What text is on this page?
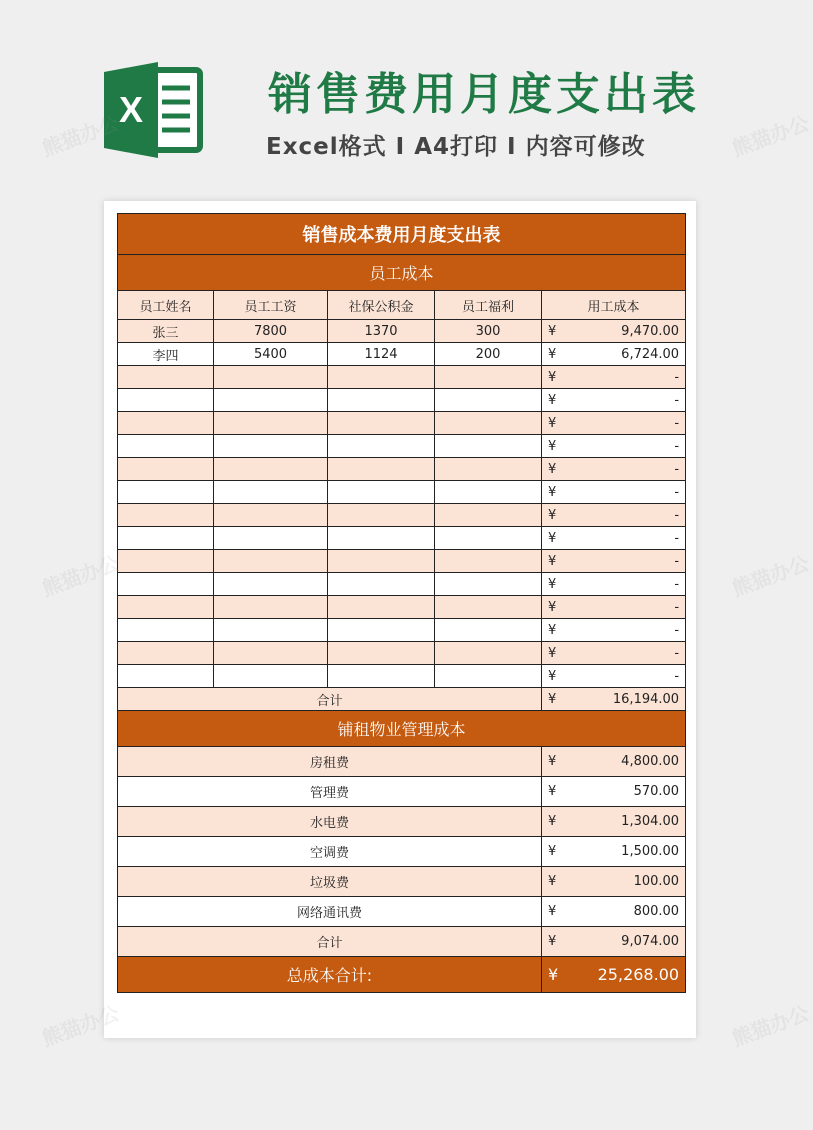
X	销售费用月度支出表
Excel格式 I A4打印 I 内容可修改
销售成本费用月度支出表				
员工成本				
员工姓名	员工工资	社保公积金	员工福利	用工成本
张三	7800	1370	300	¥ 9,470.00

李四	5400	1124	200	¥ 6,724.00

				¥ -

				¥ -

				¥ -

				¥ -

				¥ -

				¥ -

				¥ -

				¥ -

				¥ -

				¥ -

				¥ -

				¥ -

				¥ -

				¥ -

合计				¥ 16,194.00

铺租物业管理成本				
房租费				¥ 4,800.00

管理费				¥ 570.00

水电费				¥ 1,304.00

空调费				¥ 1,500.00

垃圾费				¥ 100.00

网络通讯费				¥ 800.00

合计				¥ 9,074.00

总成本合计:				¥ 25,268.00
熊猫办公	熊猫办公
熊猫办公	熊猫办公
熊猫办公	熊猫办公
